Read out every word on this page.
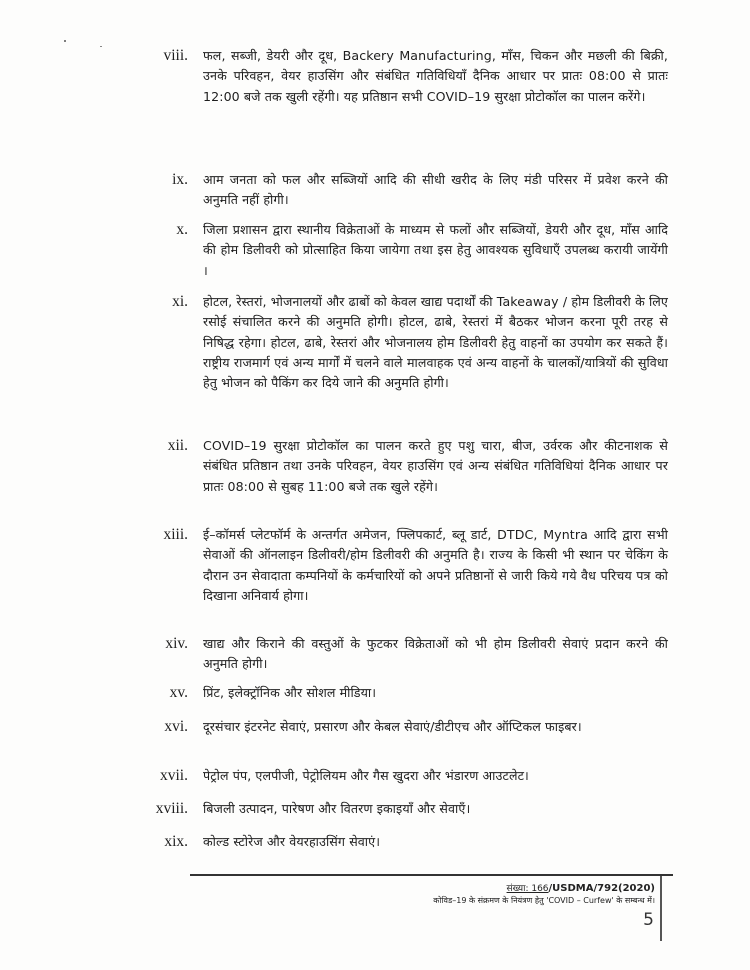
viii. फल, सब्जी, डेयरी और दूध, Backery Manufacturing, मॉंस, चिकन और मछली की बिक्री, उनके परिवहन, वेयर हाउसिंग और संबंधित गतिविधियाँ दैनिक आधार पर प्रातः 08:00 से प्रातः 12:00 बजे तक खुली रहेंगी। यह प्रतिष्ठान सभी COVID–19 सुरक्षा प्रोटोकॉल का पालन करेंगे।
ix. आम जनता को फल और सब्जियों आदि की सीधी खरीद के लिए मंडी परिसर में प्रवेश करने की अनुमति नहीं होगी।
x. जिला प्रशासन द्वारा स्थानीय विक्रेताओं के माध्यम से फलों और सब्जियों, डेयरी और दूध, मॉंस आदि की होम डिलीवरी को प्रोत्साहित किया जायेगा तथा इस हेतु आवश्यक सुविधाएँ उपलब्ध करायी जायेंगी ।
xi. होटल, रेस्तरां, भोजनालयों और ढाबों को केवल खाद्य पदार्थों की Takeaway / होम डिलीवरी के लिए रसोई संचालित करने की अनुमति होगी। होटल, ढाबे, रेस्तरां में बैठकर भोजन करना पूरी तरह से निषिद्ध रहेगा। होटल, ढाबे, रेस्तरां और भोजनालय होम डिलीवरी हेतु वाहनों का उपयोग कर सकते हैं। राष्ट्रीय राजमार्ग एवं अन्य मार्गों में चलने वाले मालवाहक एवं अन्य वाहनों के चालकों/यात्रियों की सुविधा हेतु भोजन को पैकिंग कर दिये जाने की अनुमति होगी।
xii. COVID–19 सुरक्षा प्रोटोकॉल का पालन करते हुए पशु चारा, बीज, उर्वरक और कीटनाशक से संबंधित प्रतिष्ठान तथा उनके परिवहन, वेयर हाउसिंग एवं अन्य संबंधित गतिविधियां दैनिक आधार पर प्रातः 08:00 से सुबह 11:00 बजे तक खुले रहेंगे।
xiii. ई–कॉमर्स प्लेटफॉर्म के अन्तर्गत अमेजन, फ्लिपकार्ट, ब्लू डार्ट, DTDC, Myntra आदि द्वारा सभी सेवाओं की ऑनलाइन डिलीवरी/होम डिलीवरी की अनुमति है। राज्य के किसी भी स्थान पर चेकिंग के दौरान उन सेवादाता कम्पनियों के कर्मचारियों को अपने प्रतिष्ठानों से जारी किये गये वैध परिचय पत्र को दिखाना अनिवार्य होगा।
xiv. खाद्य और किराने की वस्तुओं के फुटकर विक्रेताओं को भी होम डिलीवरी सेवाएं प्रदान करने की अनुमति होगी।
xv. प्रिंट, इलेक्ट्रॉनिक और सोशल मीडिया।
xvi. दूरसंचार इंटरनेट सेवाएं, प्रसारण और केबल सेवाएं/डीटीएच और ऑप्टिकल फाइबर।
xvii. पेट्रोल पंप, एलपीजी, पेट्रोलियम और गैस खुदरा और भंडारण आउटलेट।
xviii. बिजली उत्पादन, पारेषण और वितरण इकाइयाँ और सेवाएँ।
xix. कोल्ड स्टोरेज और वेयरहाउसिंग सेवाएं।
संख्या: 166/USDMA/792(2020)
कोविड–19 के संक्रमण के नियंत्रण हेतु 'COVID – Curfew' के सम्बन्ध में।
5
